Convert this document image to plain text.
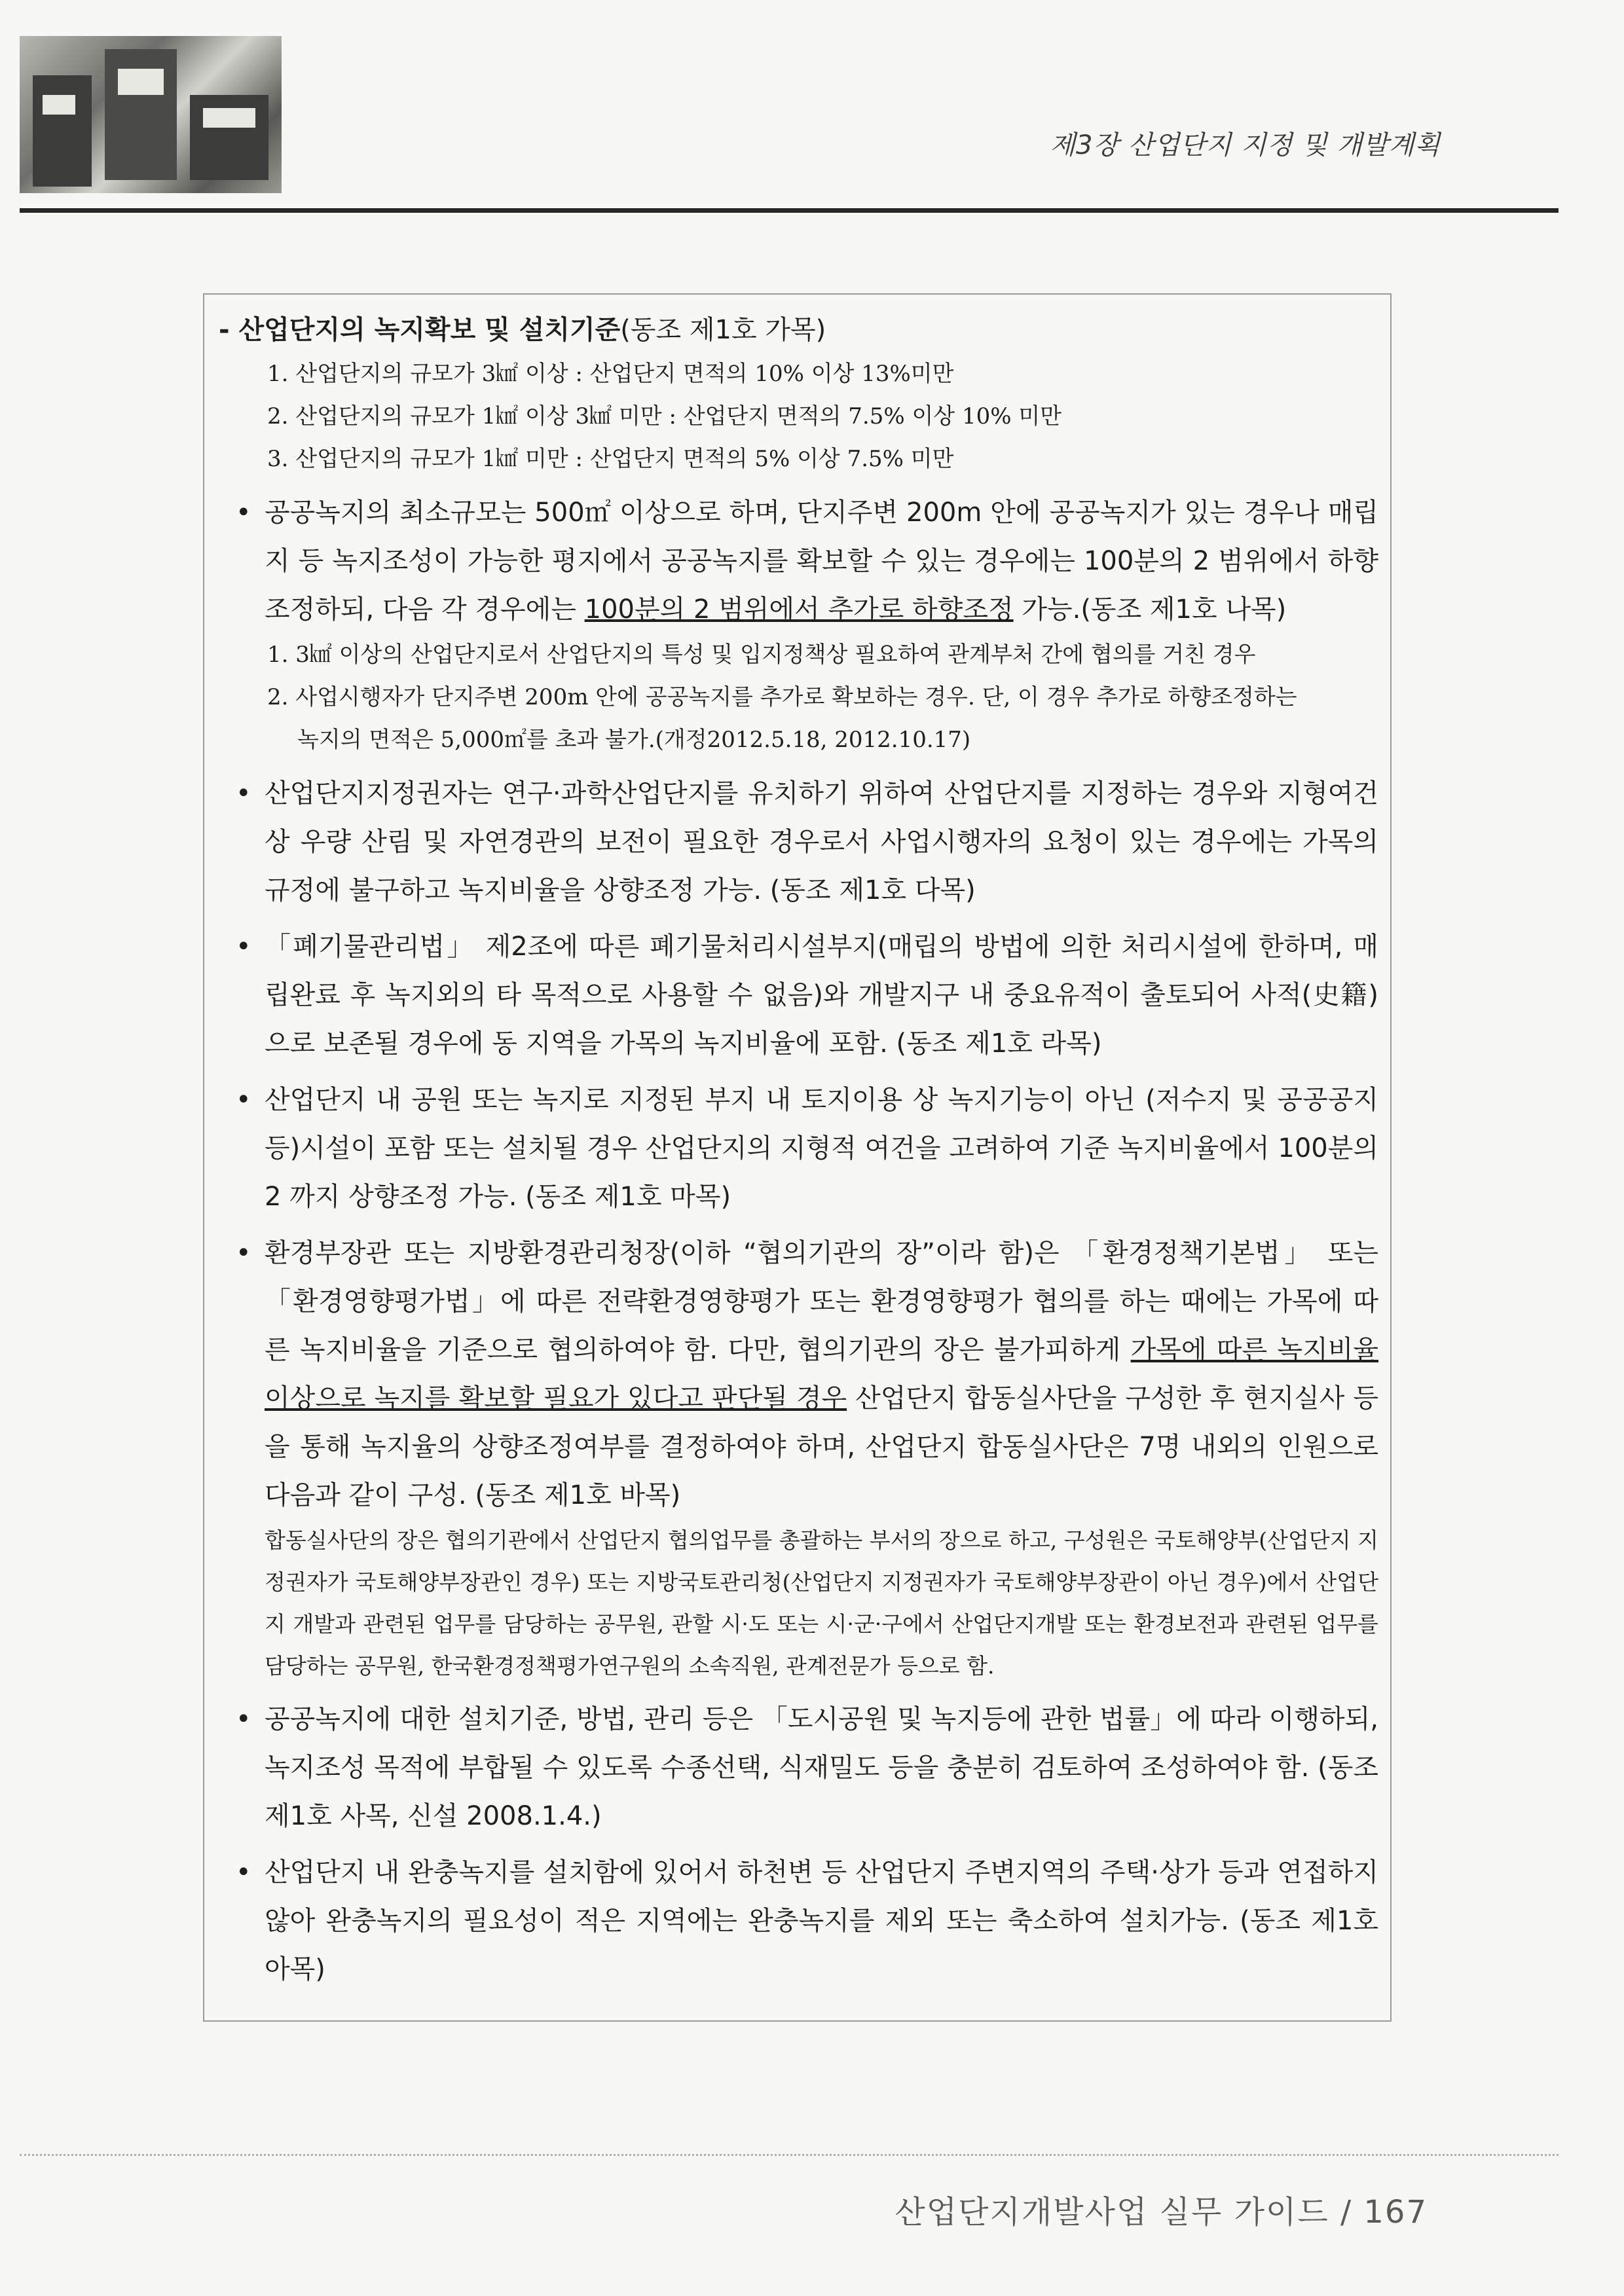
제3장 산업단지 지정 및 개발계획
- 산업단지의 녹지확보 및 설치기준(동조 제1호 가목)
1. 산업단지의 규모가 3㎢ 이상 : 산업단지 면적의 10% 이상 13%미만
2. 산업단지의 규모가 1㎢ 이상 3㎢ 미만 : 산업단지 면적의 7.5% 이상 10% 미만
3. 산업단지의 규모가 1㎢ 미만 : 산업단지 면적의 5% 이상 7.5% 미만
• 공공녹지의 최소규모는 500㎡ 이상으로 하며, 단지주변 200m 안에 공공녹지가 있는 경우나 매립지 등 녹지조성이 가능한 평지에서 공공녹지를 확보할 수 있는 경우에는 100분의 2 범위에서 하향조정하되, 다음 각 경우에는 100분의 2 범위에서 추가로 하향조정 가능.(동조 제1호 나목)
1. 3㎢ 이상의 산업단지로서 산업단지의 특성 및 입지정책상 필요하여 관계부처 간에 협의를 거친 경우
2. 사업시행자가 단지주변 200m 안에 공공녹지를 추가로 확보하는 경우. 단, 이 경우 추가로 하향조정하는
녹지의 면적은 5,000㎡를 초과 불가.(개정2012.5.18, 2012.10.17)
• 산업단지지정권자는 연구·과학산업단지를 유치하기 위하여 산업단지를 지정하는 경우와 지형여건 상 우량 산림 및 자연경관의 보전이 필요한 경우로서 사업시행자의 요청이 있는 경우에는 가목의 규정에 불구하고 녹지비율을 상향조정 가능. (동조 제1호 다목)
• 「폐기물관리법」 제2조에 따른 폐기물처리시설부지(매립의 방법에 의한 처리시설에 한하며, 매립완료 후 녹지외의 타 목적으로 사용할 수 없음)와 개발지구 내 중요유적이 출토되어 사적(史籍)으로 보존될 경우에 동 지역을 가목의 녹지비율에 포함. (동조 제1호 라목)
• 산업단지 내 공원 또는 녹지로 지정된 부지 내 토지이용 상 녹지기능이 아닌 (저수지 및 공공공지 등)시설이 포함 또는 설치될 경우 산업단지의 지형적 여건을 고려하여 기준 녹지비율에서 100분의 2 까지 상향조정 가능. (동조 제1호 마목)
• 환경부장관 또는 지방환경관리청장(이하 “협의기관의 장”이라 함)은 「환경정책기본법」 또는 「환경영향평가법」에 따른 전략환경영향평가 또는 환경영향평가 협의를 하는 때에는 가목에 따른 녹지비율을 기준으로 협의하여야 함. 다만, 협의기관의 장은 불가피하게 가목에 따른 녹지비율 이상으로 녹지를 확보할 필요가 있다고 판단될 경우 산업단지 합동실사단을 구성한 후 현지실사 등을 통해 녹지율의 상향조정여부를 결정하여야 하며, 산업단지 합동실사단은 7명 내외의 인원으로 다음과 같이 구성. (동조 제1호 바목)
합동실사단의 장은 협의기관에서 산업단지 협의업무를 총괄하는 부서의 장으로 하고, 구성원은 국토해양부(산업단지 지정권자가 국토해양부장관인 경우) 또는 지방국토관리청(산업단지 지정권자가 국토해양부장관이 아닌 경우)에서 산업단지 개발과 관련된 업무를 담당하는 공무원, 관할 시·도 또는 시·군·구에서 산업단지개발 또는 환경보전과 관련된 업무를 담당하는 공무원, 한국환경정책평가연구원의 소속직원, 관계전문가 등으로 함.
• 공공녹지에 대한 설치기준, 방법, 관리 등은 「도시공원 및 녹지등에 관한 법률」에 따라 이행하되, 녹지조성 목적에 부합될 수 있도록 수종선택, 식재밀도 등을 충분히 검토하여 조성하여야 함. (동조 제1호 사목, 신설 2008.1.4.)
• 산업단지 내 완충녹지를 설치함에 있어서 하천변 등 산업단지 주변지역의 주택·상가 등과 연접하지 않아 완충녹지의 필요성이 적은 지역에는 완충녹지를 제외 또는 축소하여 설치가능. (동조 제1호 아목)
산업단지개발사업 실무 가이드 / 167
